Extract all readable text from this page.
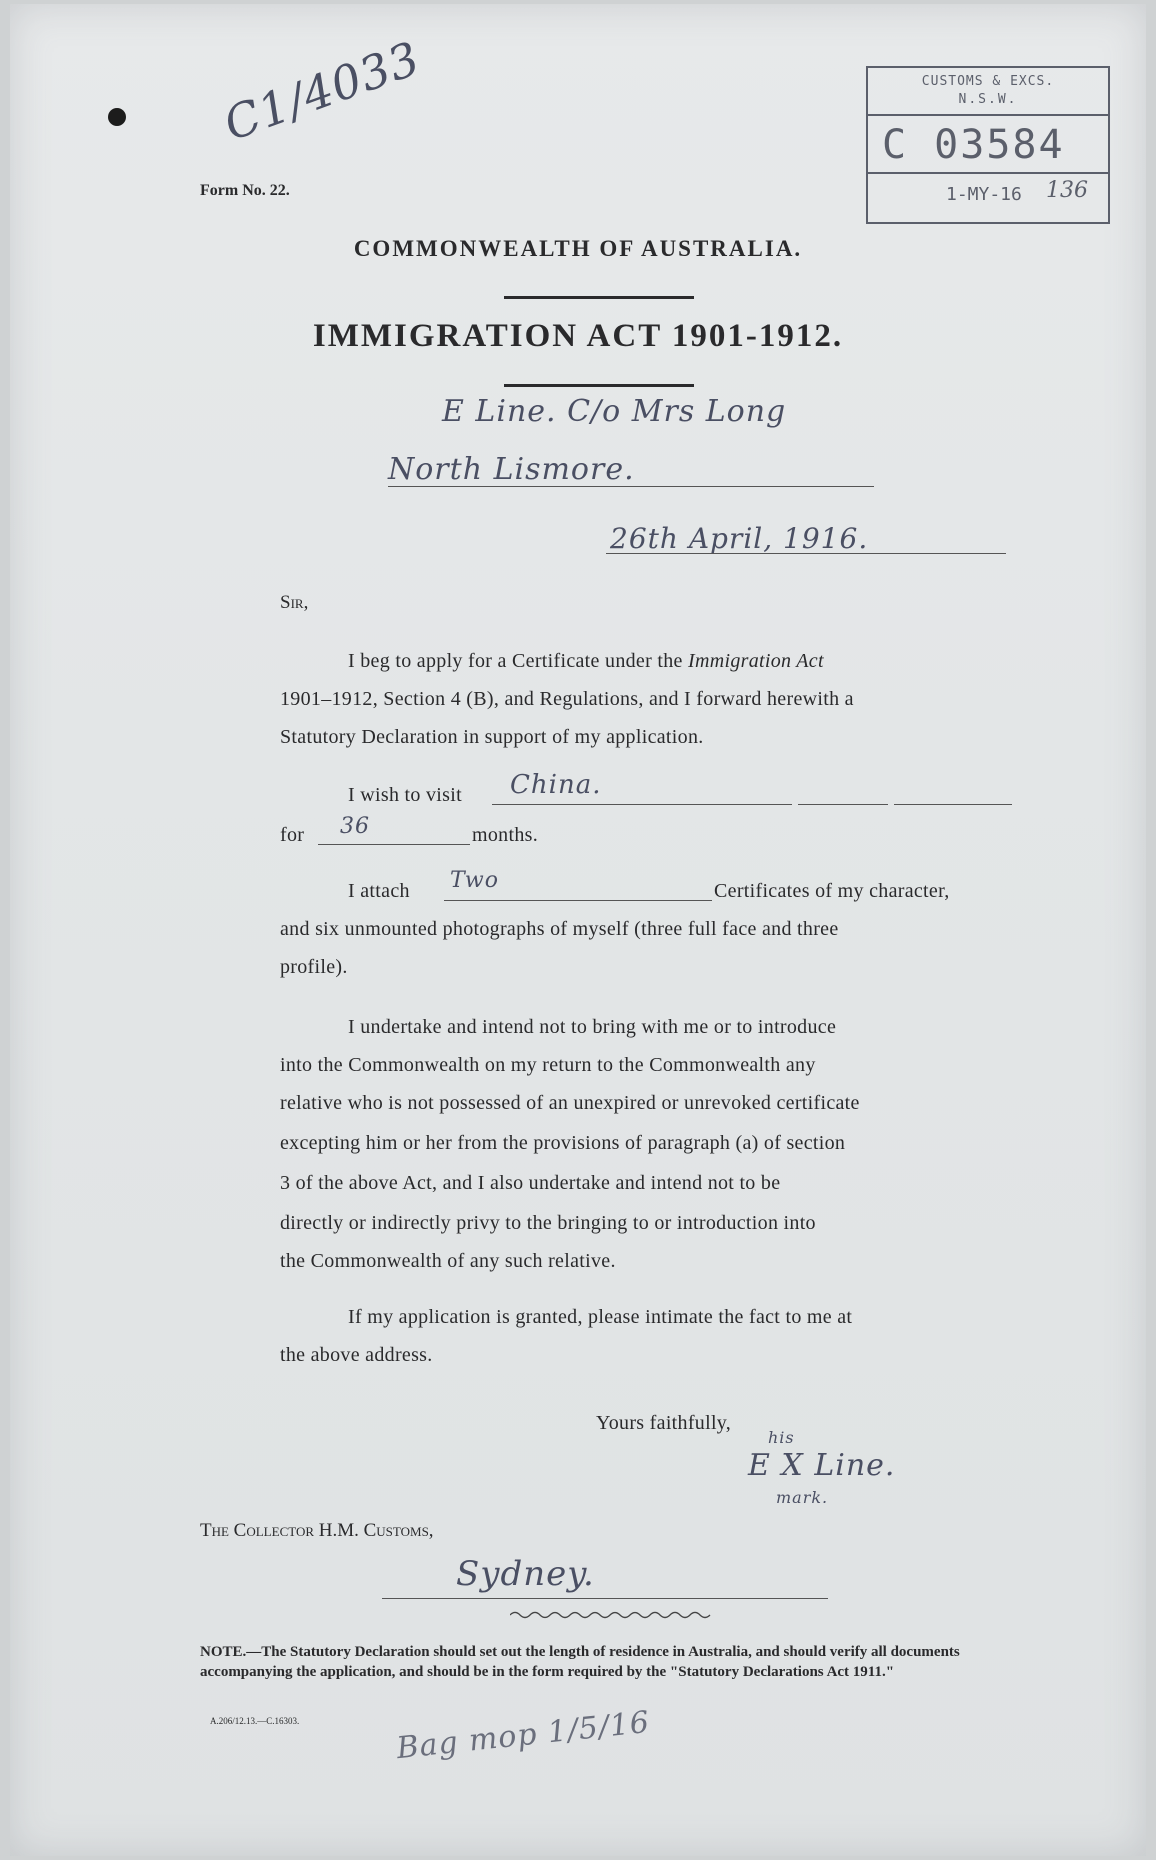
C1/4033
Form No. 22.
CUSTOMS & EXCS.
N.S.W.
C 03584
1-MY-16 136
COMMONWEALTH OF AUSTRALIA.
IMMIGRATION ACT 1901-1912.
E Line. C/o Mrs Long
North Lismore.
26th April, 1916.
Sir,
I beg to apply for a Certificate under the Immigration Act
1901–1912, Section 4 (B), and Regulations, and I forward herewith a
Statutory Declaration in support of my application.
I wish to visit China.
for 36	months.
I attach Two	Certificates of my character,
and six unmounted photographs of myself (three full face and three
profile).
I undertake and intend not to bring with me or to introduce
into the Commonwealth on my return to the Commonwealth any
relative who is not possessed of an unexpired or unrevoked certificate
excepting him or her from the provisions of paragraph (a) of section
3 of the above Act, and I also undertake and intend not to be
directly or indirectly privy to the bringing to or introduction into
the Commonwealth of any such relative.
If my application is granted, please intimate the fact to me at
the above address.
Yours faithfully,
his
E X Line.
mark.
The Collector H.M. Customs,
Sydney.
NOTE.—The Statutory Declaration should set out the length of residence in Australia, and should verify all documents accompanying the application, and should be in the form required by the "Statutory Declarations Act 1911."
A.206/12.13.—C.16303.	Bag mop 1/5/16
